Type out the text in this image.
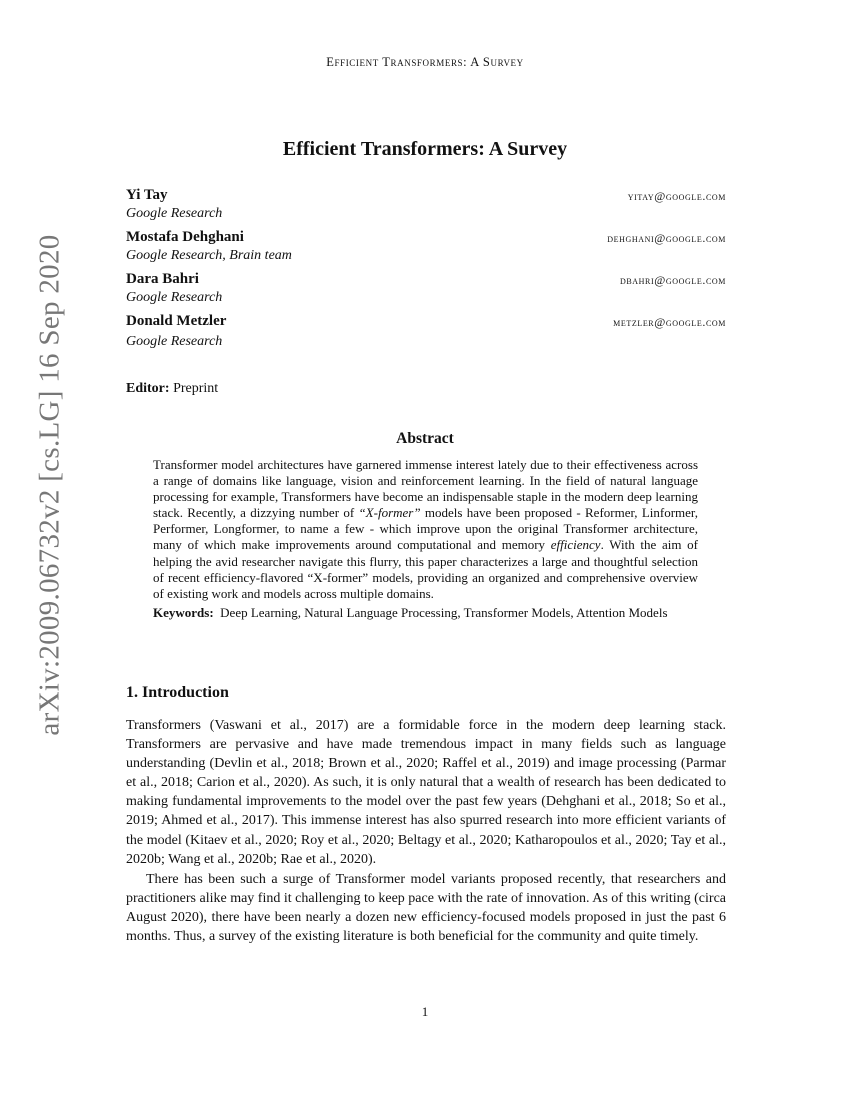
Efficient Transformers: A Survey
arXiv:2009.06732v2 [cs.LG] 16 Sep 2020
Efficient Transformers: A Survey
Yi Tay
Google Research
yitay@google.com
Mostafa Dehghani
Google Research, Brain team
dehghani@google.com
Dara Bahri
Google Research
dbahri@google.com
Donald Metzler
Google Research
metzler@google.com
Editor: Preprint
Abstract

Transformer model architectures have garnered immense interest lately due to their effectiveness across a range of domains like language, vision and reinforcement learning. In the field of natural language processing for example, Transformers have become an indispensable staple in the modern deep learning stack. Recently, a dizzying number of “X-former” models have been proposed - Reformer, Linformer, Performer, Longformer, to name a few - which improve upon the original Transformer architecture, many of which make improvements around computational and memory efficiency. With the aim of helping the avid researcher navigate this flurry, this paper characterizes a large and thoughtful selection of recent efficiency-flavored “X-former” models, providing an organized and comprehensive overview of existing work and models across multiple domains.

Keywords: Deep Learning, Natural Language Processing, Transformer Models, Attention Models

1. Introduction

Transformers (Vaswani et al., 2017) are a formidable force in the modern deep learning stack. Transformers are pervasive and have made tremendous impact in many fields such as language understanding (Devlin et al., 2018; Brown et al., 2020; Raffel et al., 2019) and image processing (Parmar et al., 2018; Carion et al., 2020). As such, it is only natural that a wealth of research has been dedicated to making fundamental improvements to the model over the past few years (Dehghani et al., 2018; So et al., 2019; Ahmed et al., 2017). This immense interest has also spurred research into more efficient variants of the model (Kitaev et al., 2020; Roy et al., 2020; Beltagy et al., 2020; Katharopoulos et al., 2020; Tay et al., 2020b; Wang et al., 2020b; Rae et al., 2020).

There has been such a surge of Transformer model variants proposed recently, that researchers and practitioners alike may find it challenging to keep pace with the rate of innovation. As of this writing (circa August 2020), there have been nearly a dozen new efficiency-focused models proposed in just the past 6 months. Thus, a survey of the existing literature is both beneficial for the community and quite timely.

1
